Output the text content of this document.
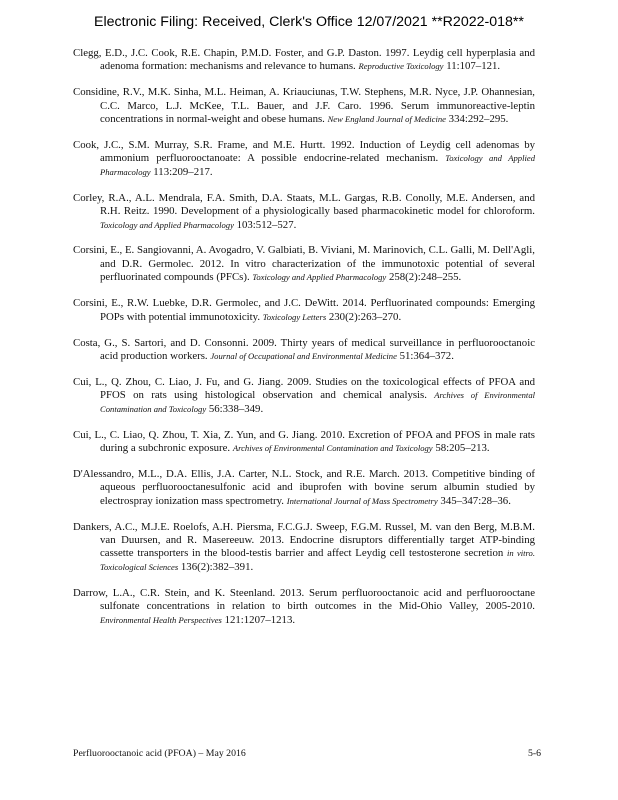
Electronic Filing: Received, Clerk's Office 12/07/2021 **R2022-018**

Clegg, E.D., J.C. Cook, R.E. Chapin, P.M.D. Foster, and G.P. Daston. 1997. Leydig cell hyperplasia and adenoma formation: mechanisms and relevance to humans. Reproductive Toxicology 11:107–121.

Considine, R.V., M.K. Sinha, M.L. Heiman, A. Kriauciunas, T.W. Stephens, M.R. Nyce, J.P. Ohannesian, C.C. Marco, L.J. McKee, T.L. Bauer, and J.F. Caro. 1996. Serum immunoreactive-leptin concentrations in normal-weight and obese humans. New England Journal of Medicine 334:292–295.

Cook, J.C., S.M. Murray, S.R. Frame, and M.E. Hurtt. 1992. Induction of Leydig cell adenomas by ammonium perfluorooctanoate: A possible endocrine-related mechanism. Toxicology and Applied Pharmacology 113:209–217.

Corley, R.A., A.L. Mendrala, F.A. Smith, D.A. Staats, M.L. Gargas, R.B. Conolly, M.E. Andersen, and R.H. Reitz. 1990. Development of a physiologically based pharmacokinetic model for chloroform. Toxicology and Applied Pharmacology 103:512–527.

Corsini, E., E. Sangiovanni, A. Avogadro, V. Galbiati, B. Viviani, M. Marinovich, C.L. Galli, M. Dell'Agli, and D.R. Germolec. 2012. In vitro characterization of the immunotoxic potential of several perfluorinated compounds (PFCs). Toxicology and Applied Pharmacology 258(2):248–255.

Corsini, E., R.W. Luebke, D.R. Germolec, and J.C. DeWitt. 2014. Perfluorinated compounds: Emerging POPs with potential immunotoxicity. Toxicology Letters 230(2):263–270.

Costa, G., S. Sartori, and D. Consonni. 2009. Thirty years of medical surveillance in perfluorooctanoic acid production workers. Journal of Occupational and Environmental Medicine 51:364–372.

Cui, L., Q. Zhou, C. Liao, J. Fu, and G. Jiang. 2009. Studies on the toxicological effects of PFOA and PFOS on rats using histological observation and chemical analysis. Archives of Environmental Contamination and Toxicology 56:338–349.

Cui, L., C. Liao, Q. Zhou, T. Xia, Z. Yun, and G. Jiang. 2010. Excretion of PFOA and PFOS in male rats during a subchronic exposure. Archives of Environmental Contamination and Toxicology 58:205–213.

D'Alessandro, M.L., D.A. Ellis, J.A. Carter, N.L. Stock, and R.E. March. 2013. Competitive binding of aqueous perfluorooctanesulfonic acid and ibuprofen with bovine serum albumin studied by electrospray ionization mass spectrometry. International Journal of Mass Spectrometry 345–347:28–36.

Dankers, A.C., M.J.E. Roelofs, A.H. Piersma, F.C.G.J. Sweep, F.G.M. Russel, M. van den Berg, M.B.M. van Duursen, and R. Masereeuw. 2013. Endocrine disruptors differentially target ATP-binding cassette transporters in the blood-testis barrier and affect Leydig cell testosterone secretion in vitro. Toxicological Sciences 136(2):382–391.

Darrow, L.A., C.R. Stein, and K. Steenland. 2013. Serum perfluorooctanoic acid and perfluorooctane sulfonate concentrations in relation to birth outcomes in the Mid-Ohio Valley, 2005-2010. Environmental Health Perspectives 121:1207–1213.

Perfluorooctanoic acid (PFOA) – May 2016	5-6
